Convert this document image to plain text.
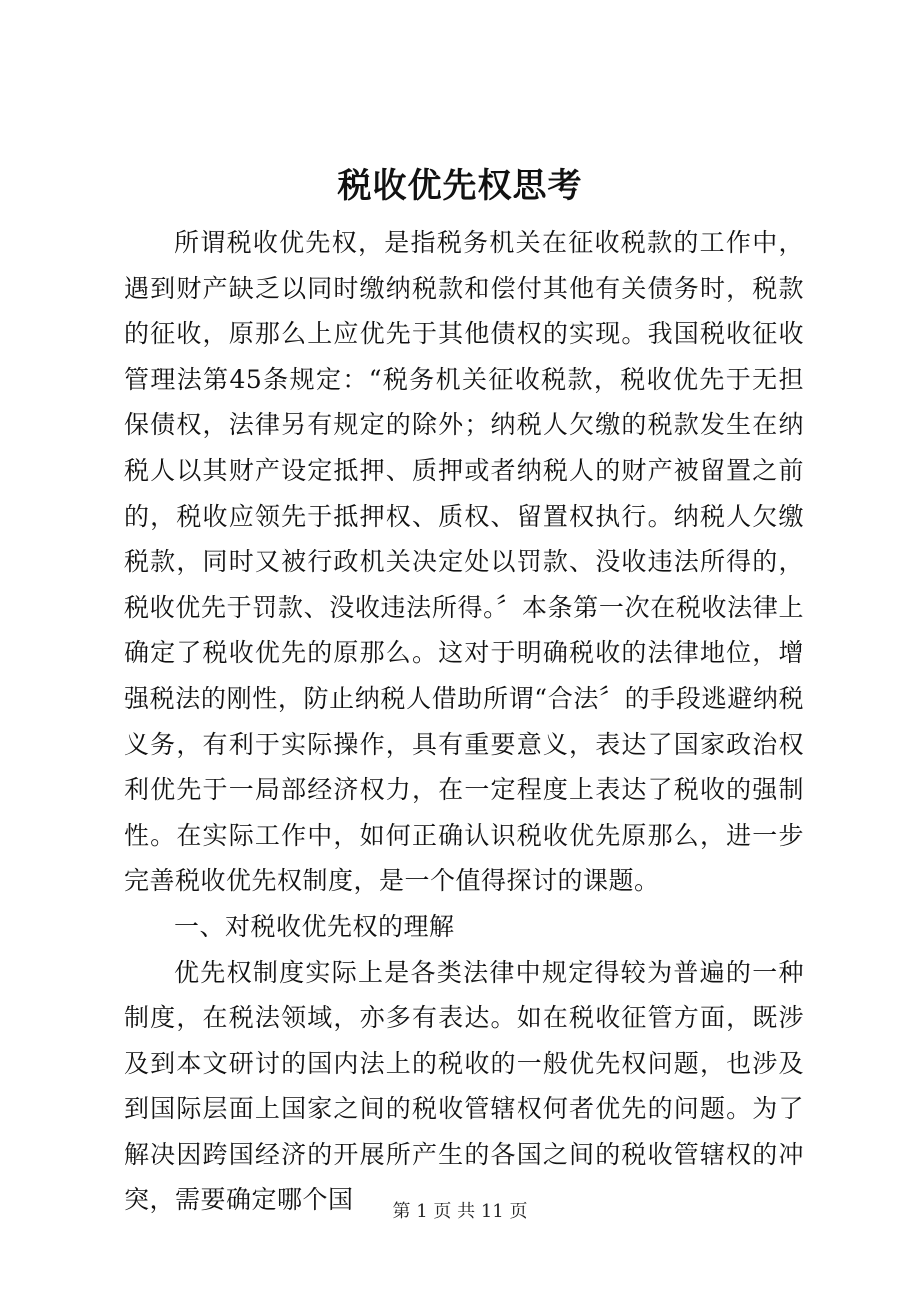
税收优先权思考

所谓税收优先权，是指税务机关在征收税款的工作中，遇到财产缺乏以同时缴纳税款和偿付其他有关债务时，税款的征收，原那么上应优先于其他债权的实现。我国税收征收管理法第45条规定：“税务机关征收税款，税收优先于无担保债权，法律另有规定的除外；纳税人欠缴的税款发生在纳税人以其财产设定抵押、质押或者纳税人的财产被留置之前的，税收应领先于抵押权、质权、留置权执行。纳税人欠缴税款，同时又被行政机关决定处以罚款、没收违法所得的，税收优先于罚款、没收违法所得。〞本条第一次在税收法律上确定了税收优先的原那么。这对于明确税收的法律地位，增强税法的刚性，防止纳税人借助所谓“合法〞的手段逃避纳税义务，有利于实际操作，具有重要意义，表达了国家政治权利优先于一局部经济权力，在一定程度上表达了税收的强制性。在实际工作中，如何正确认识税收优先原那么，进一步完善税收优先权制度，是一个值得探讨的课题。

一、对税收优先权的理解

优先权制度实际上是各类法律中规定得较为普遍的一种制度，在税法领域，亦多有表达。如在税收征管方面，既涉及到本文研讨的国内法上的税收的一般优先权问题，也涉及到国际层面上国家之间的税收管辖权何者优先的问题。为了解决因跨国经济的开展所产生的各国之间的税收管辖权的冲突，需要确定哪个国	第 1 页 共 11 页
